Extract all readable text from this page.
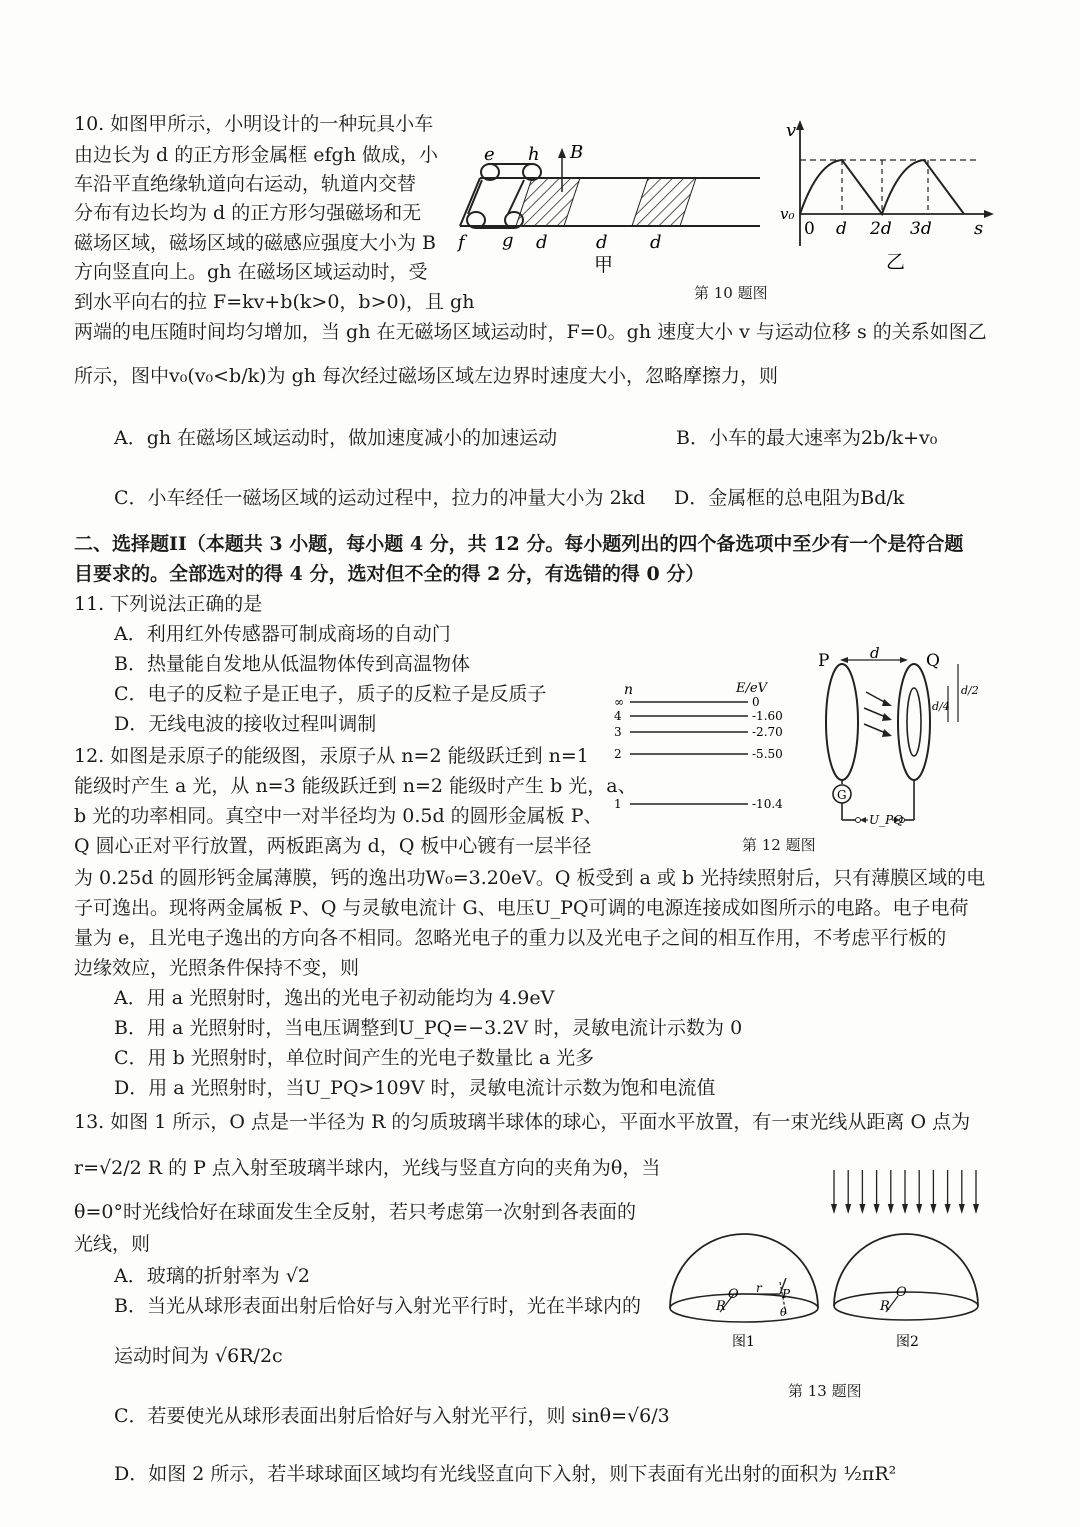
10. 如图甲所示，小明设计的一种玩具小车
由边长为 d 的正方形金属框 efgh 做成，小
车沿平直绝缘轨道向右运动，轨道内交替
分布有边长均为 d 的正方形匀强磁场和无
磁场区域，磁场区域的磁感应强度大小为 B
方向竖直向上。gh 在磁场区域运动时，受
到水平向右的拉 F=kv+b(k>0，b>0)，且 gh
两端的电压随时间均匀增加，当 gh 在无磁场区域运动时，F=0。gh 速度大小 v 与运动位移 s 的关系如图乙
所示，图中v₀(v₀<b/k)为 gh 每次经过磁场区域左边界时速度大小，忽略摩擦力，则
A．gh 在磁场区域运动时，做加速度减小的加速运动	B．小车的最大速率为2b/k+v₀
C．小车经任一磁场区域的运动过程中，拉力的冲量大小为 2kd D．金属框的总电阻为Bd/k
e h B
f g d	d d
甲
v
s
v₀
0 d 2d 3d
乙
第 10 题图
二、选择题II（本题共 3 小题，每小题 4 分，共 12 分。每小题列出的四个备选项中至少有一个是符合题
目要求的。全部选对的得 4 分，选对但不全的得 2 分，有选错的得 0 分）
11. 下列说法正确的是
A．利用红外传感器可制成商场的自动门
B．热量能自发地从低温物体传到高温物体
C．电子的反粒子是正电子，质子的反粒子是反质子
D．无线电波的接收过程叫调制
12. 如图是汞原子的能级图，汞原子从 n=2 能级跃迁到 n=1
能级时产生 a 光，从 n=3 能级跃迁到 n=2 能级时产生 b 光，a、
b 光的功率相同。真空中一对半径均为 0.5d 的圆形金属板 P、
Q 圆心正对平行放置，两板距离为 d，Q 板中心镀有一层半径
为 0.25d 的圆形钙金属薄膜，钙的逸出功W₀=3.20eV。Q 板受到 a 或 b 光持续照射后，只有薄膜区域的电
子可逸出。现将两金属板 P、Q 与灵敏电流计 G、电压U_PQ可调的电源连接成如图所示的电路。电子电荷
量为 e，且光电子逸出的方向各不相同。忽略光电子的重力以及光电子之间的相互作用，不考虑平行板的
边缘效应，光照条件保持不变，则
A．用 a 光照射时，逸出的光电子初动能均为 4.9eV
B．用 a 光照射时，当电压调整到U_PQ=−3.2V 时，灵敏电流计示数为 0
C．用 b 光照射时，单位时间产生的光电子数量比 a 光多
D．用 a 光照射时，当U_PQ>109V 时，灵敏电流计示数为饱和电流值
n	E/eV
∞	0
4	-1.60
3	-2.70
2	-5.50
1	-10.4
P	Q
d
d/4
d/2
G
U_PQ
第 12 题图
13. 如图 1 所示，O 点是一半径为 R 的匀质玻璃半球体的球心，平面水平放置，有一束光线从距离 O 点为
r=√2/2 R 的 P 点入射至玻璃半球内，光线与竖直方向的夹角为θ，当
θ=0°时光线恰好在球面发生全反射，若只考虑第一次射到各表面的
光线，则
A．玻璃的折射率为 √2
B．当光从球形表面出射后恰好与入射光平行时，光在半球内的
运动时间为 √6R/2c
C．若要使光从球形表面出射后恰好与入射光平行，则 sinθ=√6/3
D．如图 2 所示，若半球球面区域均有光线竖直向下入射，则下表面有光出射的面积为 ½πR²
O
R
r P
θ
O
R
图1	图2
第 13 题图
